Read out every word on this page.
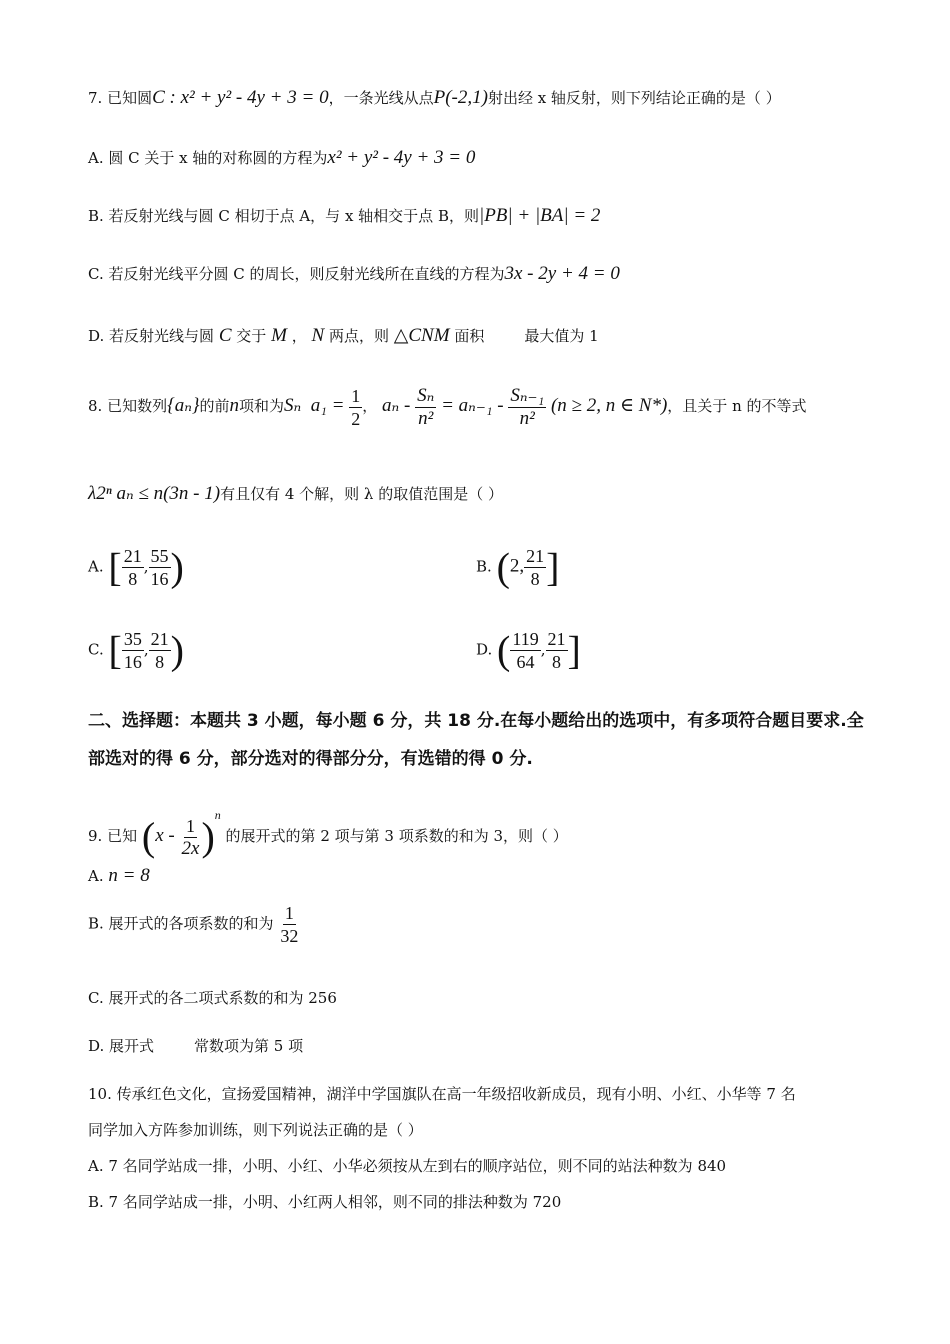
7. 已知圆C : x² + y² - 4y + 3 = 0，一条光线从点P(-2,1)射出经 x 轴反射，则下列结论正确的是（ ）
A. 圆 C 关于 x 轴的对称圆的方程为x² + y² - 4y + 3 = 0
B. 若反射光线与圆 C 相切于点 A，与 x 轴相交于点 B，则|PB| + |BA| = 2
C. 若反射光线平分圆 C 的周长，则反射光线所在直线的方程为3x - 2y + 4 = 0
D. 若反射光线与圆 C 交于 M ， N 两点，则 △CNM 面积	最大值为 1
8. 已知数列{aₙ}的前n项和为Sₙ $a_1 = \frac{1}{2}$ ， $a_n - \frac{\text{Sₙ}}{\text{n²}} = a_{n-1} - \frac{\text{Sₙ₋₁}}{\text{n²}} (n \ge 2$, n ∈ N*)，且关于 n 的不等式
λ2ⁿ aₙ ≤ n(3n - 1)有且仅有 4 个解，则 λ 的取值范围是（ ）
A. [ $\frac{21}{8}$ , $\frac{55}{16}$ )	B. (2, $\frac{21}{8}$ ]
C. [ $\frac{35}{16}$ , $\frac{21}{8}$ )	D. ( $\frac{119}{64}$ , $\frac{21}{8}$ ]
二、选择题：本题共 3 小题，每小题 6 分，共 18 分.在每小题给出的选项中，有多项符合题目要求.全部选对的得 6 分，部分选对的得部分分，有选错的得 0 分.
9. 已知 $(x - \frac{1}{2x} )^n$ 的展开式的第 2 项与第 3 项系数的和为 3，则（ ）
A. n = 8
B. 展开式的各项系数的和为 $\frac{1}{32}$
C. 展开式的各二项式系数的和为 256
D. 展开式	常数项为第 5 项
10. 传承红色文化，宣扬爱国精神，湖洋中学国旗队在高一年级招收新成员，现有小明、小红、小华等 7 名
同学加入方阵参加训练，则下列说法正确的是（ ）
A. 7 名同学站成一排，小明、小红、小华必须按从左到右的顺序站位，则不同的站法种数为 840
B. 7 名同学站成一排，小明、小红两人相邻，则不同的排法种数为 720
